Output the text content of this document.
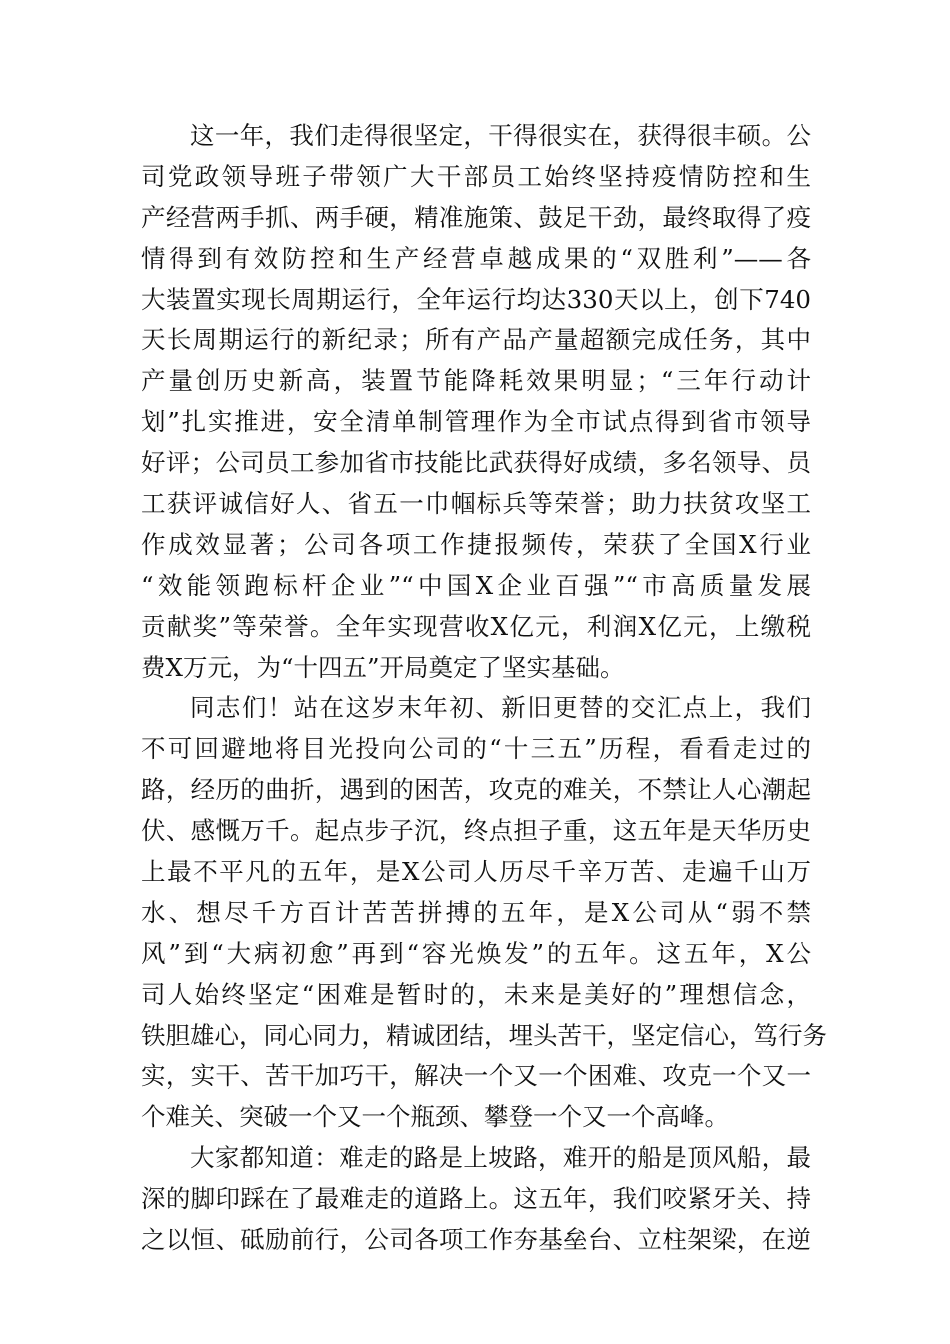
这一年，我们走得很坚定，干得很实在，获得很丰硕。公
司党政领导班子带领广大干部员工始终坚持疫情防控和生
产经营两手抓、两手硬，精准施策、鼓足干劲，最终取得了疫
情得到有效防控和生产经营卓越成果的“双胜利”——各
大装置实现长周期运行，全年运行均达330天以上，创下740
天长周期运行的新纪录；所有产品产量超额完成任务，其中
产量创历史新高，装置节能降耗效果明显；“三年行动计
划”扎实推进，安全清单制管理作为全市试点得到省市领导
好评；公司员工参加省市技能比武获得好成绩，多名领导、员
工获评诚信好人、省五一巾帼标兵等荣誉；助力扶贫攻坚工
作成效显著；公司各项工作捷报频传，荣获了全国X行业
“效能领跑标杆企业”“中国X企业百强”“市高质量发展
贡献奖”等荣誉。全年实现营收X亿元，利润X亿元，上缴税
费X万元，为“十四五”开局奠定了坚实基础。
同志们！站在这岁末年初、新旧更替的交汇点上，我们
不可回避地将目光投向公司的“十三五”历程，看看走过的
路，经历的曲折，遇到的困苦，攻克的难关，不禁让人心潮起
伏、感慨万千。起点步子沉，终点担子重，这五年是天华历史
上最不平凡的五年，是X公司人历尽千辛万苦、走遍千山万
水、想尽千方百计苦苦拼搏的五年，是X公司从“弱不禁
风”到“大病初愈”再到“容光焕发”的五年。这五年，X公
司人始终坚定“困难是暂时的，未来是美好的”理想信念，
铁胆雄心，同心同力，精诚团结，埋头苦干，坚定信心，笃行务
实，实干、苦干加巧干，解决一个又一个困难、攻克一个又一
个难关、突破一个又一个瓶颈、攀登一个又一个高峰。
大家都知道：难走的路是上坡路，难开的船是顶风船，最
深的脚印踩在了最难走的道路上。这五年，我们咬紧牙关、持
之以恒、砥励前行，公司各项工作夯基垒台、立柱架梁，在逆
